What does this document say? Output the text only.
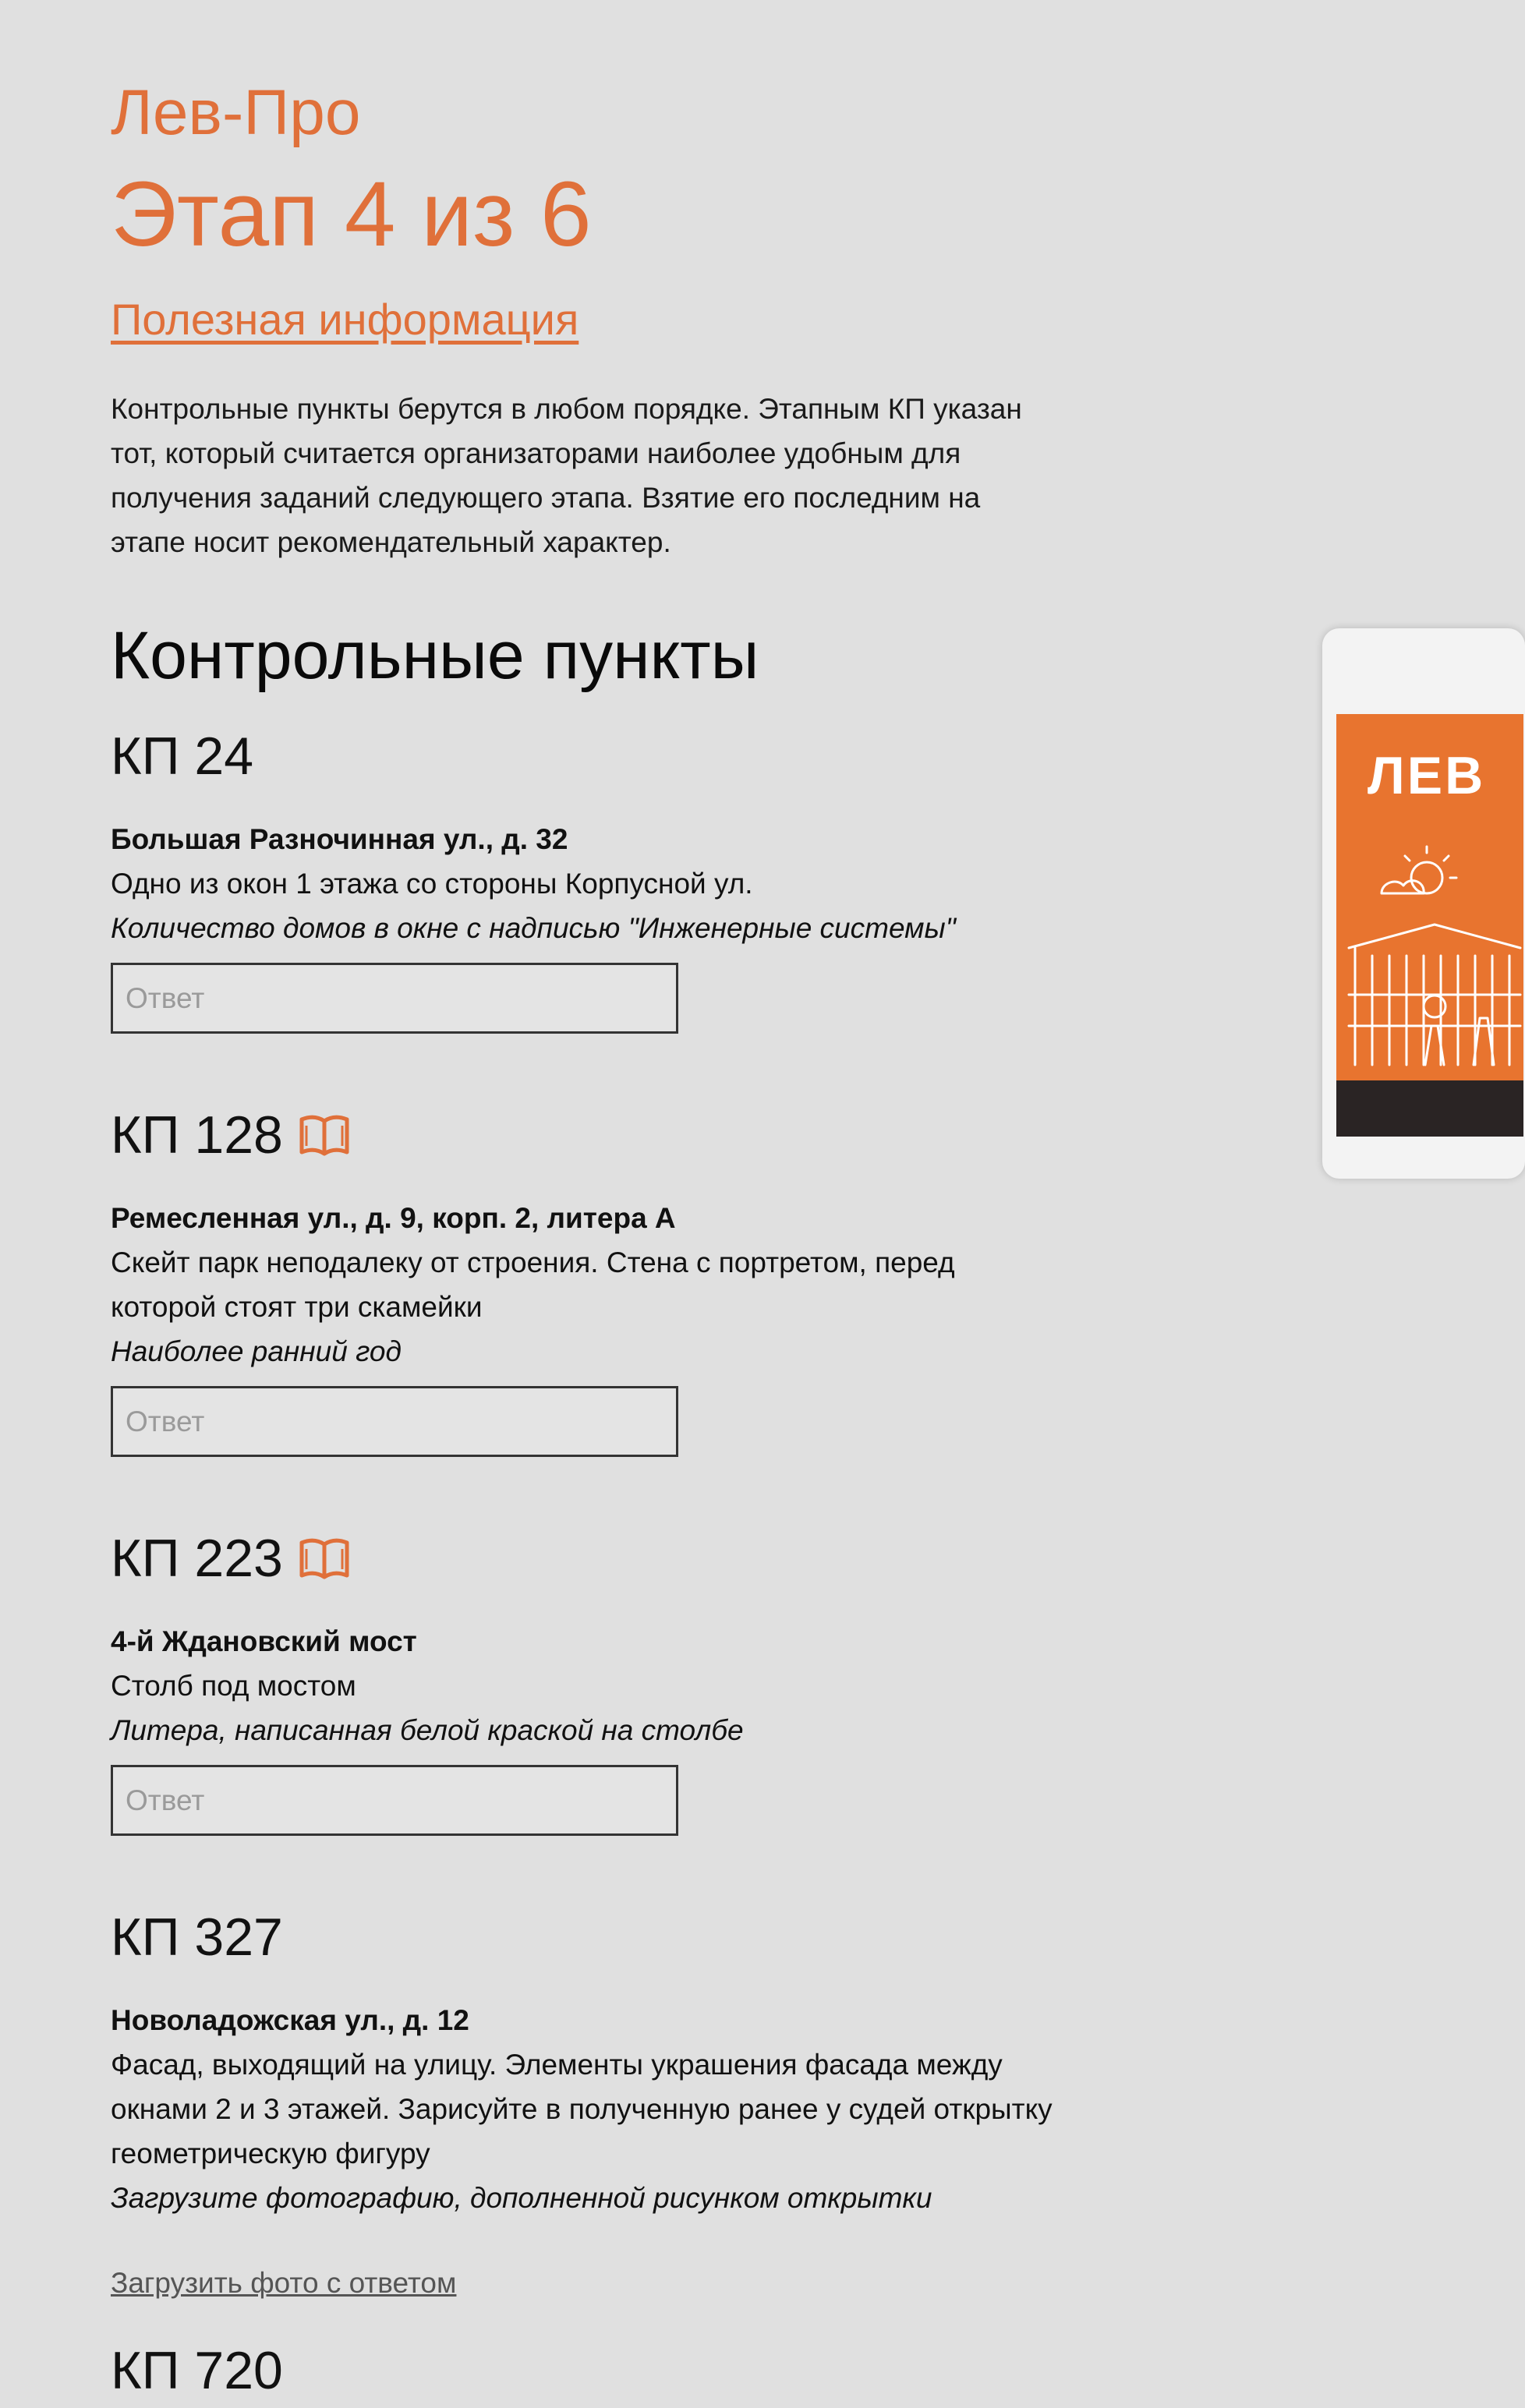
Лев-Про
Этап 4 из 6
Полезная информация
Контрольные пункты берутся в любом порядке. Этапным КП указан тот, который считается организаторами наиболее удобным для получения заданий следующего этапа. Взятие его последним на этапе носит рекомендательный характер.
Контрольные пункты
КП 24
Большая Разночинная ул., д. 32
Одно из окон 1 этажа со стороны Корпусной ул.
Количество домов в окне с надписью "Инженерные системы"
Ответ
КП 128
Ремесленная ул., д. 9, корп. 2, литера А
Скейт парк неподалеку от строения. Стена с портретом, перед которой стоят три скамейки
Наиболее ранний год
Ответ
КП 223
4-й Ждановский мост
Столб под мостом
Литера, написанная белой краской на столбе
Ответ
КП 327
Новоладожская ул., д. 12
Фасад, выходящий на улицу. Элементы украшения фасада между окнами 2 и 3 этажей. Зарисуйте в полученную ранее у судей открытку геометрическую фигуру
Загрузите фотографию, дополненной рисунком открытки
Загрузить фото с ответом
КП 720
ЛЕВ
